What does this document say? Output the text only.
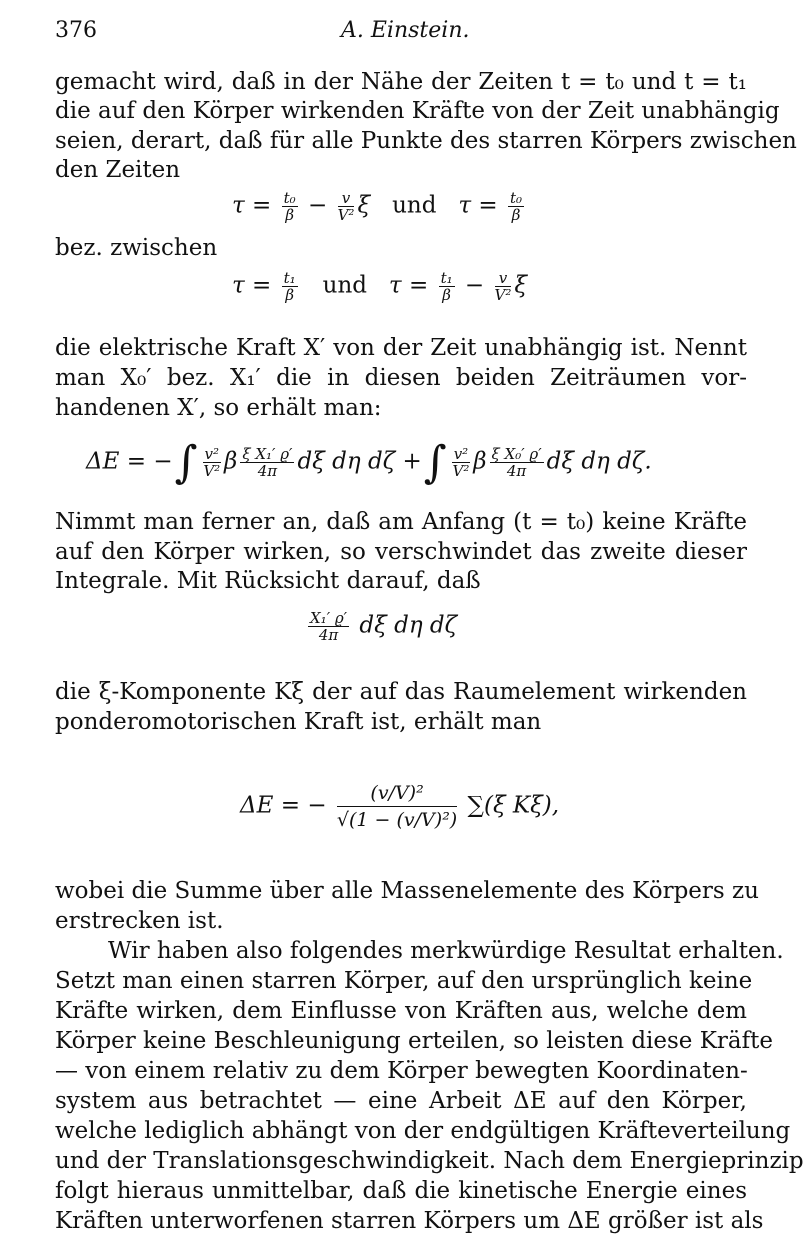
376	A. Einstein.
gemacht wird, daß in der Nähe der Zeiten t = t₀ und t = t₁
die auf den Körper wirkenden Kräfte von der Zeit unabhängig
seien, derart, daß für alle Punkte des starren Körpers zwischen
den Zeiten
$\tau = \frac{\text{t₀}}{\beta} - \frac{v}{\text{V²}}$ ξ und $\tau = \frac{\text{t₀}}{\beta}$
bez. zwischen
$\tau = \frac{\text{t₁}}{\beta}$ und $\tau = \frac{\text{t₁}}{\beta} - \frac{v}{\text{V²}}$ ξ
die elektrische Kraft X′ von der Zeit unabhängig ist. Nennt
man X₀′ bez. X₁′ die in diesen beiden Zeiträumen vor-
handenen X′, so erhält man:
ΔE = −∫ $\frac{\text{v²}}{\text{V²}}$ β $\frac{\text{ξ X₁′ ϱ′}}{4\pi}$ dξ dη dζ +∫ $\frac{\text{v²}}{\text{V²}}$ β $\frac{\text{ξ X₀′ ϱ′}}{4\pi}$ dξ dη dζ.
Nimmt man ferner an, daß am Anfang (t = t₀) keine Kräfte
auf den Körper wirken, so verschwindet das zweite dieser
Integrale. Mit Rücksicht darauf, daß
$\frac{\text{X₁′ ϱ′}}{4\pi}$ dξ dη dζ
die ξ-Komponente Kξ der auf das Raumelement wirkenden
ponderomotorischen Kraft ist, erhält man
ΔE = − $\frac{\text{(v/V)²}}{\text{√(1 − (v/V)²)}} \sum(\xi$ Kξ),
wobei die Summe über alle Massenelemente des Körpers zu
erstrecken ist.
Wir haben also folgendes merkwürdige Resultat erhalten.
Setzt man einen starren Körper, auf den ursprünglich keine
Kräfte wirken, dem Einflusse von Kräften aus, welche dem
Körper keine Beschleunigung erteilen, so leisten diese Kräfte
— von einem relativ zu dem Körper bewegten Koordinaten-
system aus betrachtet — eine Arbeit ΔE auf den Körper,
welche lediglich abhängt von der endgültigen Kräfteverteilung
und der Translationsgeschwindigkeit. Nach dem Energieprinzip
folgt hieraus unmittelbar, daß die kinetische Energie eines
Kräften unterworfenen starren Körpers um ΔE größer ist als
